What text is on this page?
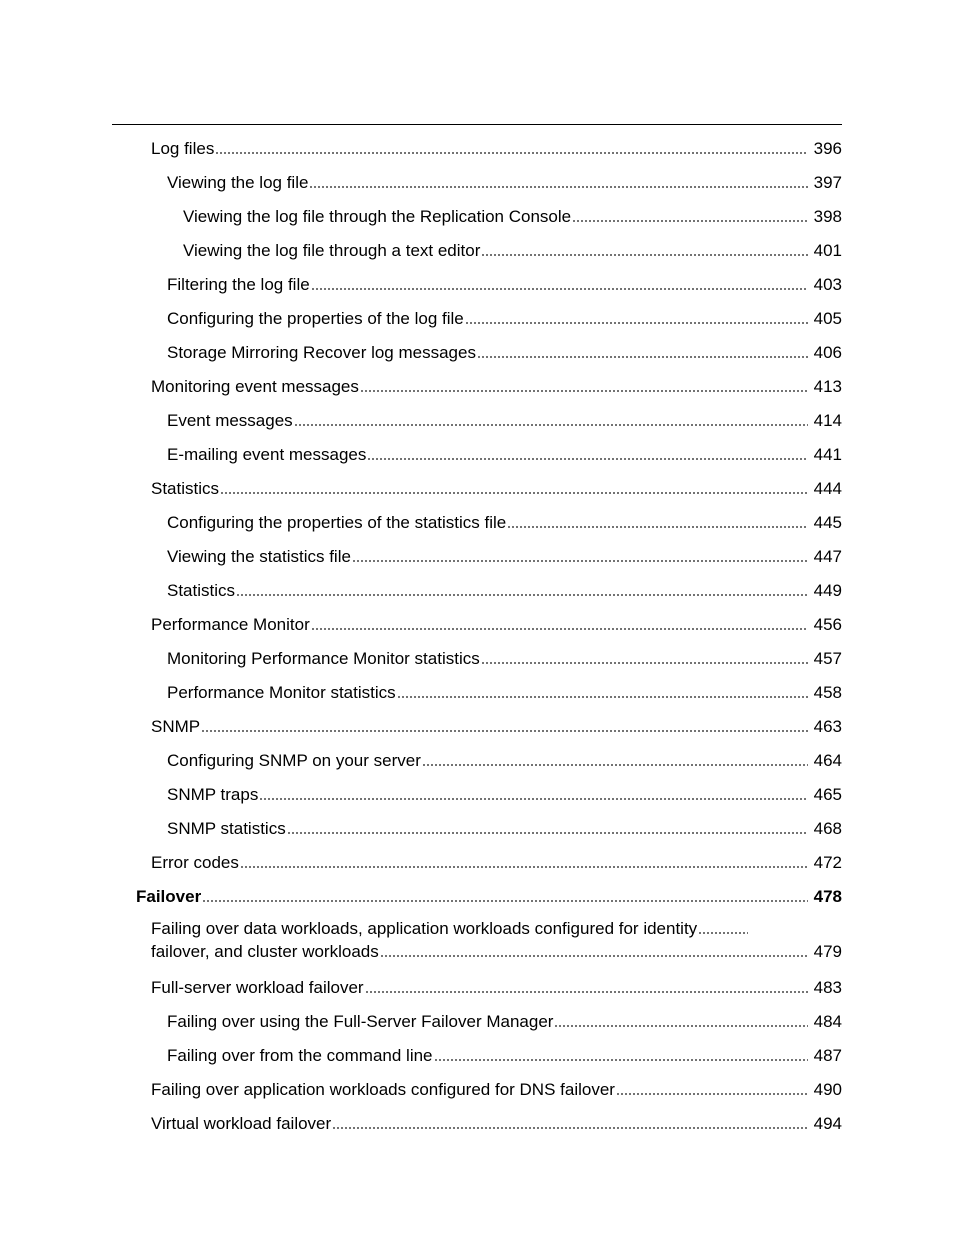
Log files	396
Viewing the log file	397
Viewing the log file through the Replication Console	398
Viewing the log file through a text editor	401
Filtering the log file	403
Configuring the properties of the log file	405
Storage Mirroring Recover log messages	406
Monitoring event messages	413
Event messages	414
E-mailing event messages	441
Statistics	444
Configuring the properties of the statistics file	445
Viewing the statistics file	447
Statistics	449
Performance Monitor	456
Monitoring Performance Monitor statistics	457
Performance Monitor statistics	458
SNMP	463
Configuring SNMP on your server	464
SNMP traps	465
SNMP statistics	468
Error codes	472
Failover	478
Failing over data workloads, application workloads configured for identity
failover, and cluster workloads	479
Full-server workload failover	483
Failing over using the Full-Server Failover Manager	484
Failing over from the command line	487
Failing over application workloads configured for DNS failover	490
Virtual workload failover	494
